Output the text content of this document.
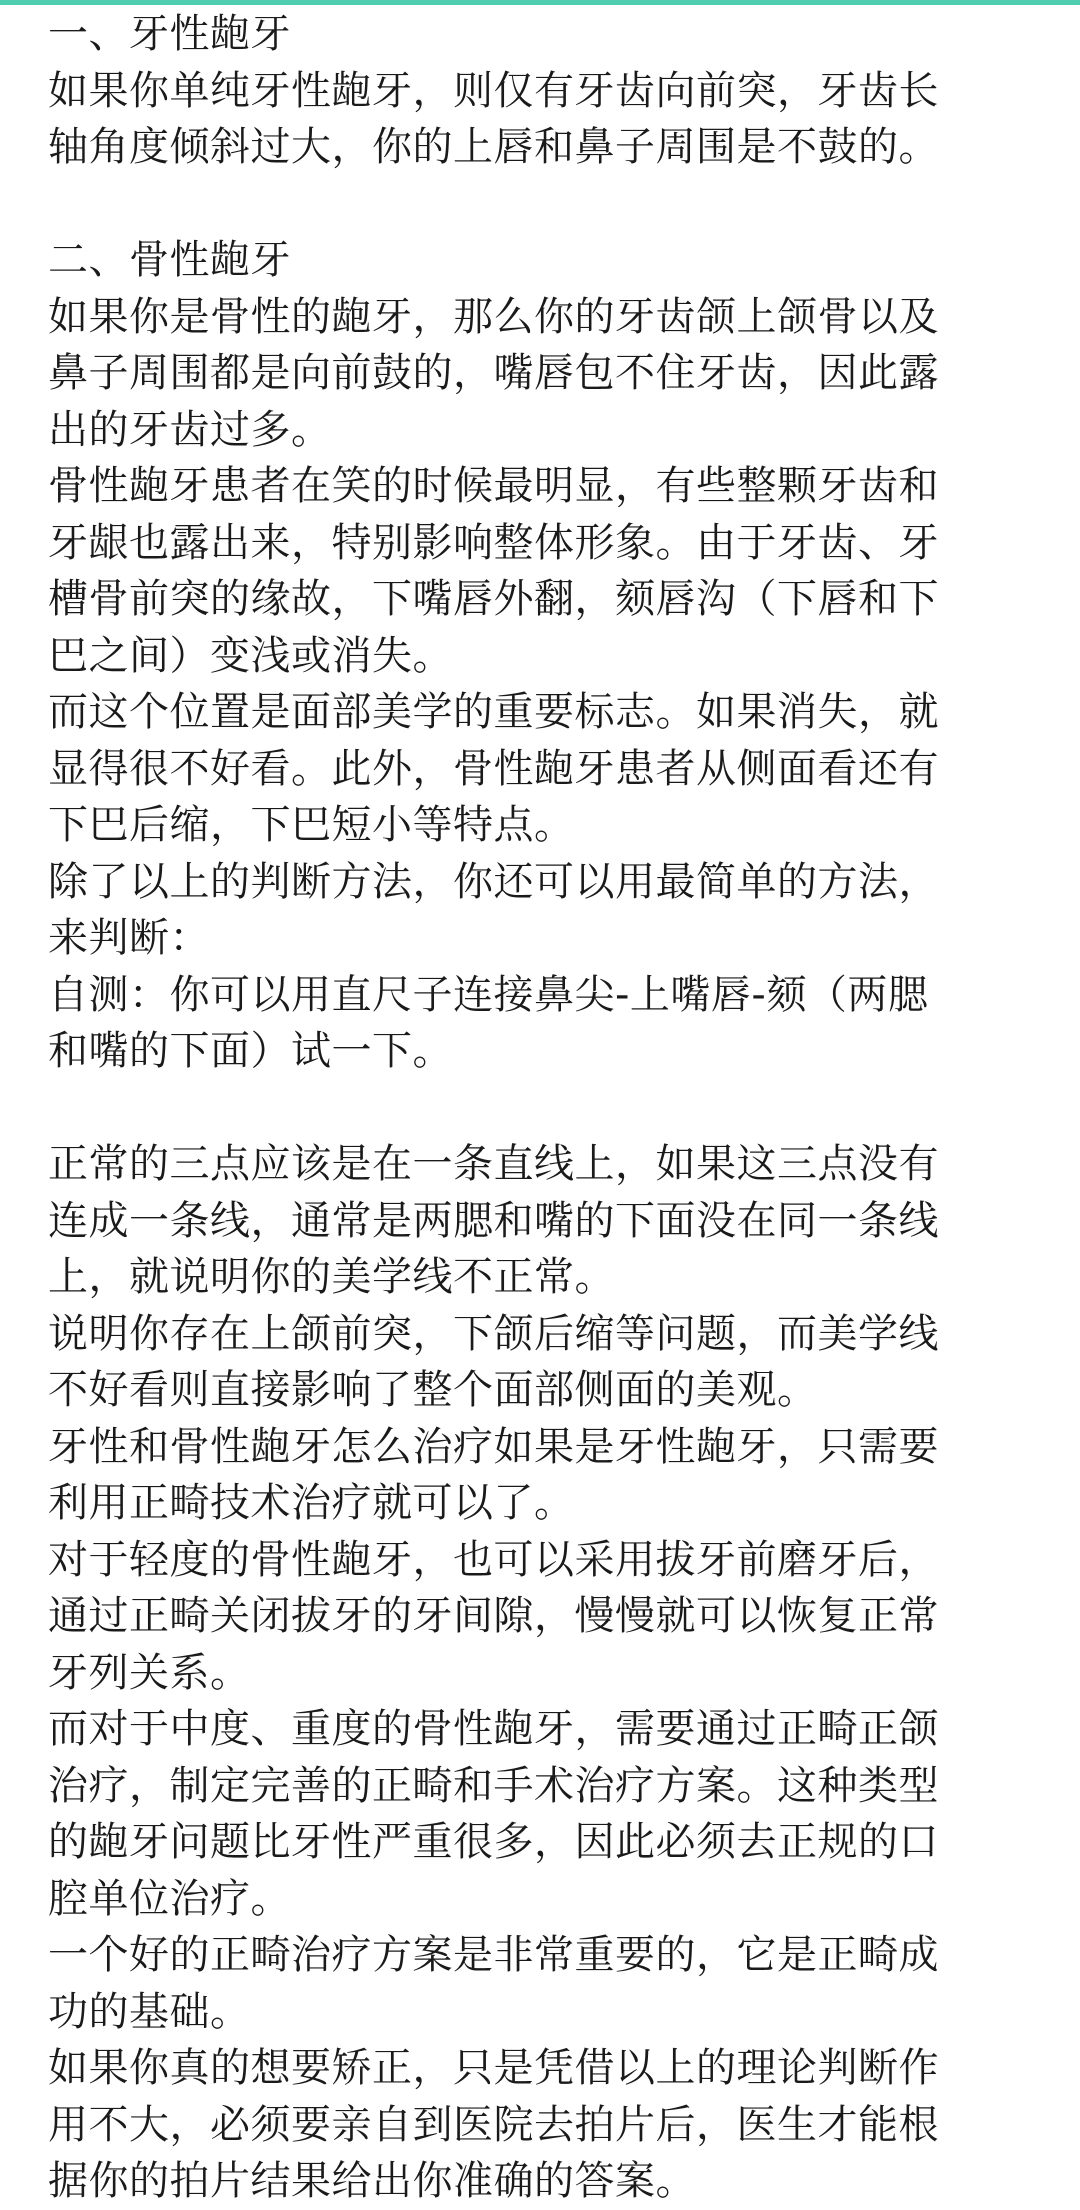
一、牙性龅牙
如果你单纯牙性龅牙，则仅有牙齿向前突，牙齿长
轴角度倾斜过大，你的上唇和鼻子周围是不鼓的。
二、骨性龅牙
如果你是骨性的龅牙，那么你的牙齿颌上颌骨以及
鼻子周围都是向前鼓的，嘴唇包不住牙齿，因此露
出的牙齿过多。
骨性龅牙患者在笑的时候最明显，有些整颗牙齿和
牙龈也露出来，特别影响整体形象。由于牙齿、牙
槽骨前突的缘故，下嘴唇外翻，颏唇沟（下唇和下
巴之间）变浅或消失。
而这个位置是面部美学的重要标志。如果消失，就
显得很不好看。此外，骨性龅牙患者从侧面看还有
下巴后缩，下巴短小等特点。
除了以上的判断方法，你还可以用最简单的方法，
来判断：
自测：你可以用直尺子连接鼻尖-上嘴唇-颏（两腮
和嘴的下面）试一下。
正常的三点应该是在一条直线上，如果这三点没有
连成一条线，通常是两腮和嘴的下面没在同一条线
上，就说明你的美学线不正常。
说明你存在上颌前突，下颌后缩等问题，而美学线
不好看则直接影响了整个面部侧面的美观。
牙性和骨性龅牙怎么治疗如果是牙性龅牙，只需要
利用正畸技术治疗就可以了。
对于轻度的骨性龅牙，也可以采用拔牙前磨牙后，
通过正畸关闭拔牙的牙间隙，慢慢就可以恢复正常
牙列关系。
而对于中度、重度的骨性龅牙，需要通过正畸正颌
治疗，制定完善的正畸和手术治疗方案。这种类型
的龅牙问题比牙性严重很多，因此必须去正规的口
腔单位治疗。
一个好的正畸治疗方案是非常重要的，它是正畸成
功的基础。
如果你真的想要矫正，只是凭借以上的理论判断作
用不大，必须要亲自到医院去拍片后，医生才能根
据你的拍片结果给出你准确的答案。
